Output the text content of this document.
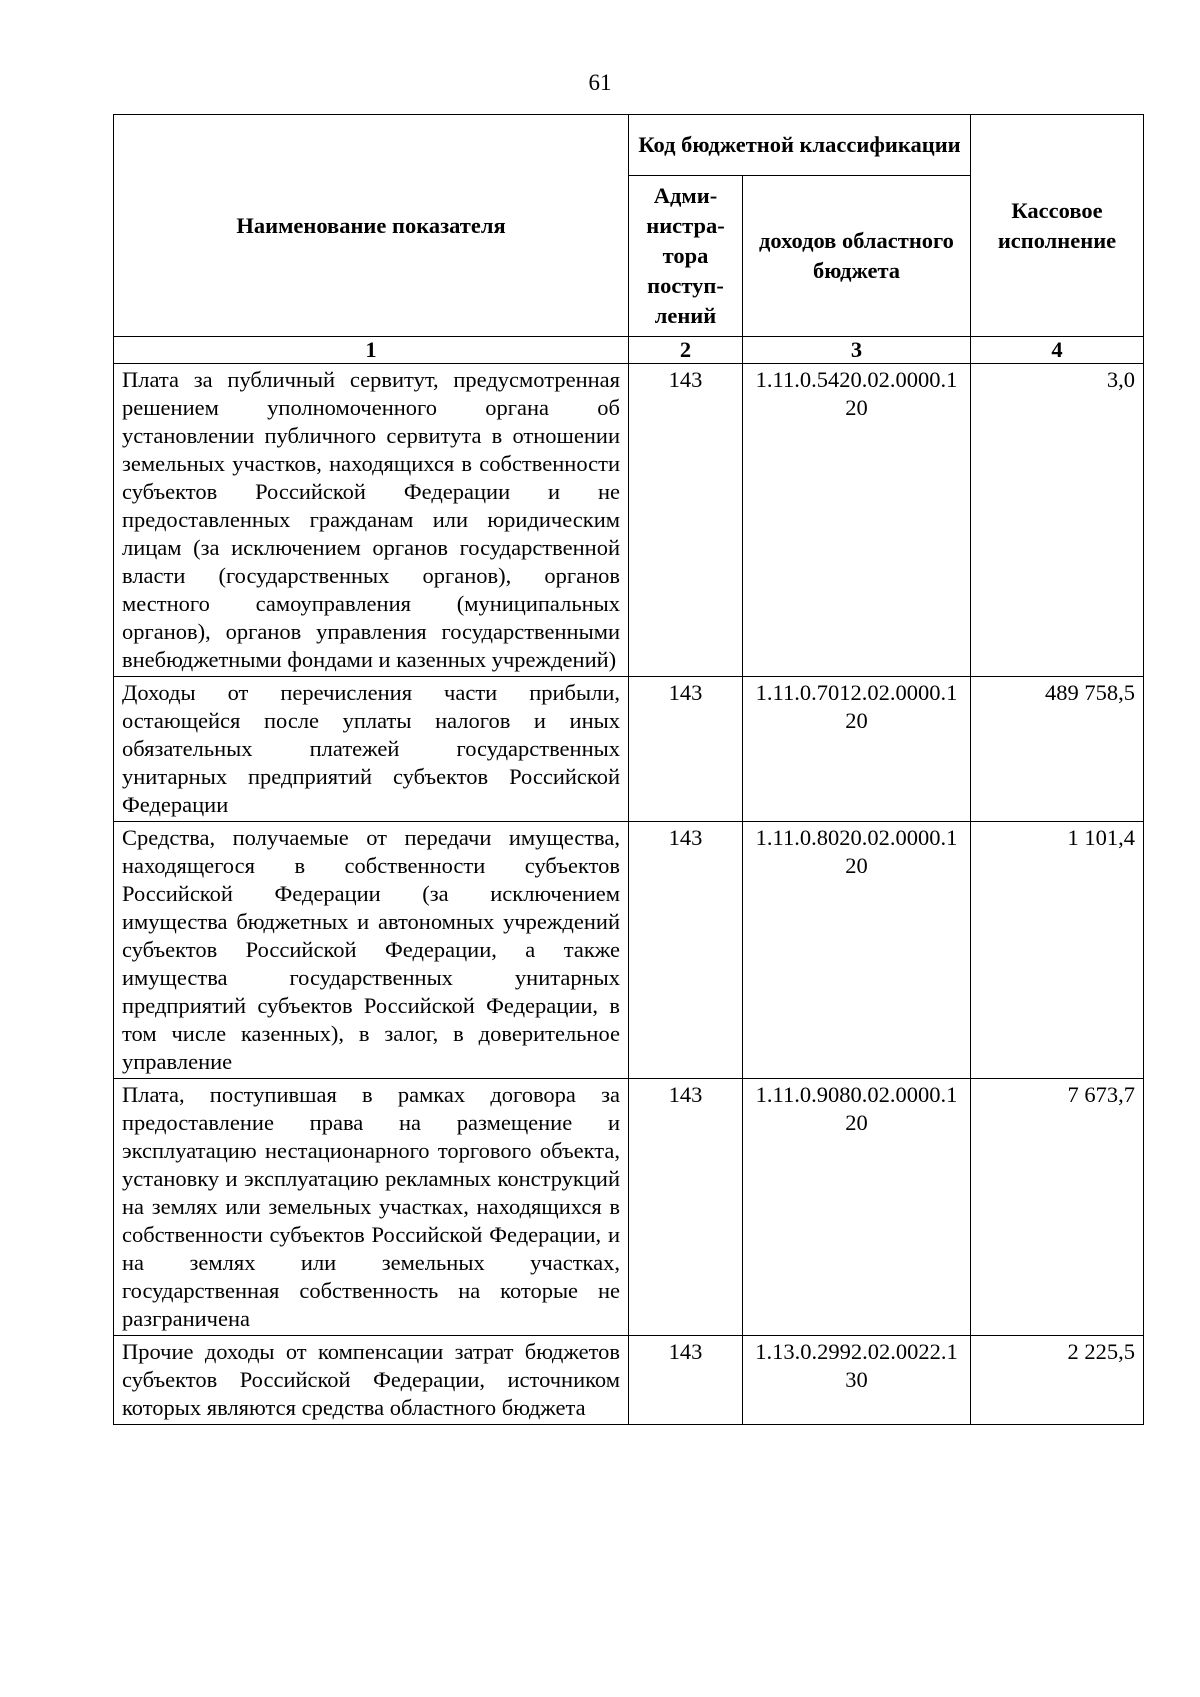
61
Наименование показателя	Код бюджетной классификации		Кассовое исполнение
	Адми-нистра-тора поступ-лений	доходов областного бюджета	
1	2	3	4
Плата за публичный сервитут, предусмотренная решением уполномоченного органа об установлении публичного сервитута в отношении земельных участков, находящихся в собственности субъектов Российской Федерации и не предоставленных гражданам или юридическим лицам (за исключением органов государственной власти (государственных органов), органов местного самоуправления (муниципальных органов), органов управления государственными внебюджетными фондами и казенных учреждений)	143	1.11.0.5420.02.0000.120	3,0
Доходы от перечисления части прибыли, остающейся после уплаты налогов и иных обязательных платежей государственных унитарных предприятий субъектов Российской Федерации	143	1.11.0.7012.02.0000.120	489 758,5
Средства, получаемые от передачи имущества, находящегося в собственности субъектов Российской Федерации (за исключением имущества бюджетных и автономных учреждений субъектов Российской Федерации, а также имущества государственных унитарных предприятий субъектов Российской Федерации, в том числе казенных), в залог, в доверительное управление	143	1.11.0.8020.02.0000.120	1 101,4
Плата, поступившая в рамках договора за предоставление права на размещение и эксплуатацию нестационарного торгового объекта, установку и эксплуатацию рекламных конструкций на землях или земельных участках, находящихся в собственности субъектов Российской Федерации, и на землях или земельных участках, государственная собственность на которые не разграничена	143	1.11.0.9080.02.0000.120	7 673,7
Прочие доходы от компенсации затрат бюджетов субъектов Российской Федерации, источником которых являются средства областного бюджета	143	1.13.0.2992.02.0022.130	2 225,5
